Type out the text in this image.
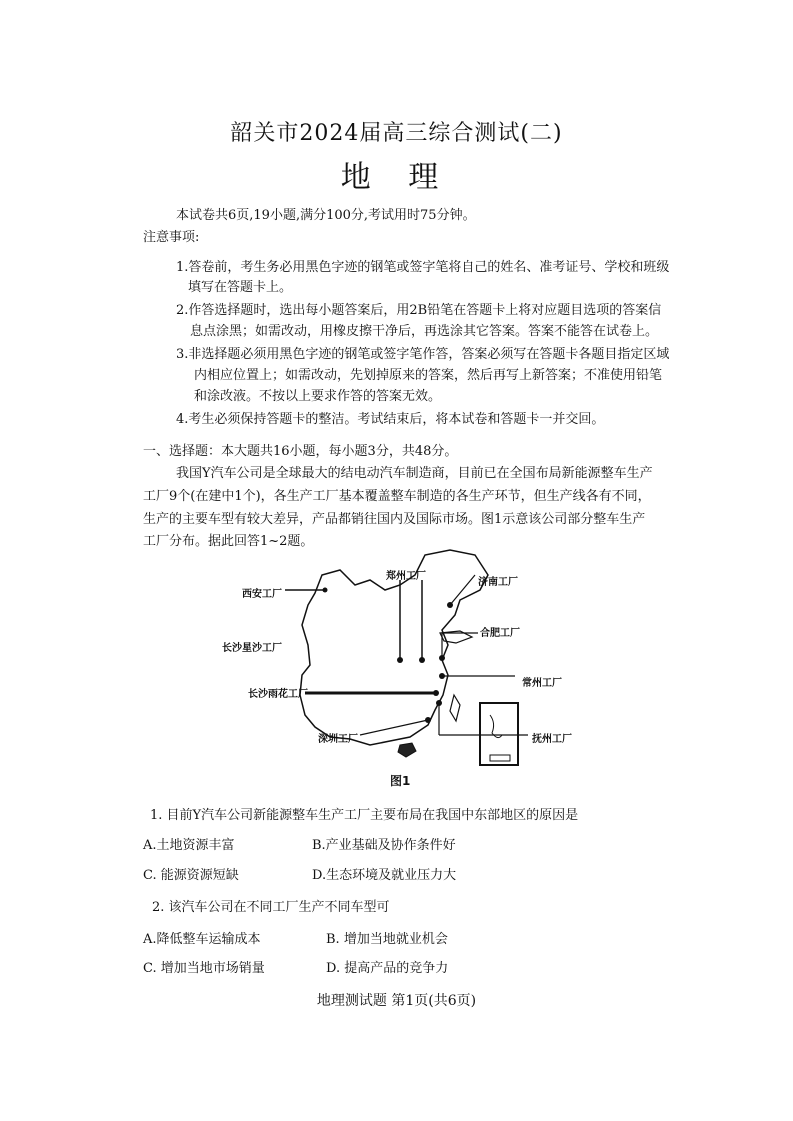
韶关市2024届高三综合测试(二)
地 理
本试卷共6页,19小题,满分100分,考试用时75分钟。
注意事项:
1.答卷前，考生务必用黑色字迹的钢笔或签字笔将自己的姓名、准考证号、学校和班级
填写在答题卡上。
2.作答选择题时，选出每小题答案后，用2B铅笔在答题卡上将对应题目选项的答案信
息点涂黑；如需改动，用橡皮擦干净后，再选涂其它答案。答案不能答在试卷上。
3.非选择题必须用黑色字迹的钢笔或签字笔作答，答案必须写在答题卡各题目指定区域
内相应位置上；如需改动，先划掉原来的答案，然后再写上新答案；不准使用铅笔
和涂改液。不按以上要求作答的答案无效。
4.考生必须保持答题卡的整洁。考试结束后，将本试卷和答题卡一并交回。
一、选择题：本大题共16小题，每小题3分，共48分。
我国Y汽车公司是全球最大的结电动汽车制造商，目前已在全国布局新能源整车生产
工厂9个(在建中1个)，各生产工厂基本覆盖整车制造的各生产环节，但生产线各有不同，
生产的主要车型有较大差异，产品都销往国内及国际市场。图1示意该公司部分整车生产
工厂分布。据此回答1~2题。
西安工厂
郑州工厂
济南工厂
合肥工厂
长沙星沙工厂
长沙雨花工厂
常州工厂
深圳工厂	抚州工厂
图1
1. 目前Y汽车公司新能源整车生产工厂主要布局在我国中东部地区的原因是
A.土地资源丰富	B.产业基础及协作条件好
C. 能源资源短缺	D.生态环境及就业压力大
2. 该汽车公司在不同工厂生产不同车型可
A.降低整车运输成本	B. 增加当地就业机会
C. 增加当地市场销量	D. 提高产品的竞争力
地理测试题 第1页(共6页)
